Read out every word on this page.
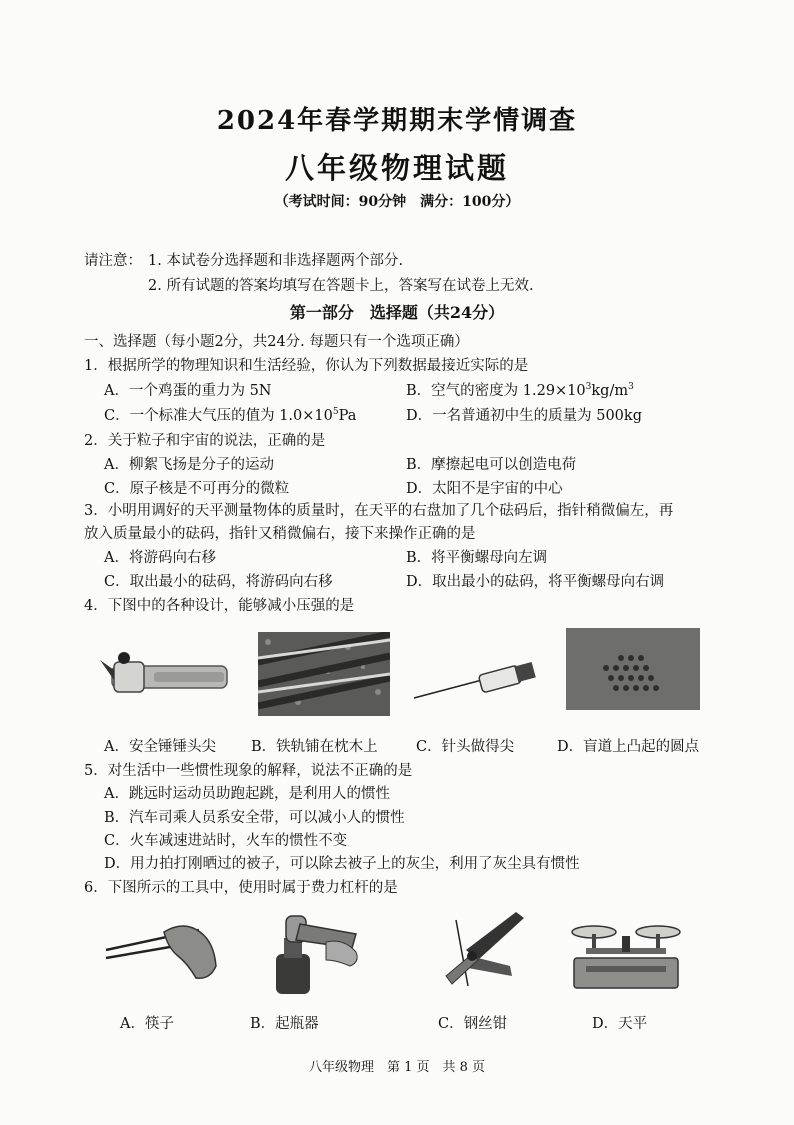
2024年春学期期末学情调查
八年级物理试题
（考试时间：90分钟　满分：100分）
请注意： 1. 本试卷分选择题和非选择题两个部分.
2. 所有试题的答案均填写在答题卡上，答案写在试卷上无效.
第一部分　选择题（共24分）
一、选择题（每小题2分，共24分. 每题只有一个选项正确）
1．根据所学的物理知识和生活经验，你认为下列数据最接近实际的是
A．一个鸡蛋的重力为 5N	B．空气的密度为 $1.29\times 10^3kg/m^3$
C．一个标准大气压的值为 $1.0\times 10^5Pa$	D．一名普通初中生的质量为 500kg
2．关于粒子和宇宙的说法，正确的是
A．柳絮飞扬是分子的运动	B．摩擦起电可以创造电荷
C．原子核是不可再分的微粒	D．太阳不是宇宙的中心
3．小明用调好的天平测量物体的质量时，在天平的右盘加了几个砝码后，指针稍微偏左，再
放入质量最小的砝码，指针又稍微偏右，接下来操作正确的是
A．将游码向右移	B．将平衡螺母向左调
C．取出最小的砝码，将游码向右移	D．取出最小的砝码，将平衡螺母向右调
4．下图中的各种设计，能够减小压强的是
A．安全锤锤头尖 B．铁轨铺在枕木上	C．针头做得尖	D．盲道上凸起的圆点
5．对生活中一些惯性现象的解释，说法不正确的是
A．跳远时运动员助跑起跳，是利用人的惯性
B．汽车司乘人员系安全带，可以减小人的惯性
C．火车减速进站时，火车的惯性不变
D．用力拍打刚晒过的被子，可以除去被子上的灰尘，利用了灰尘具有惯性
6．下图所示的工具中，使用时属于费力杠杆的是
A．筷子	B．起瓶器	C．钢丝钳	D．天平
八年级物理　第 1 页　共 8 页
